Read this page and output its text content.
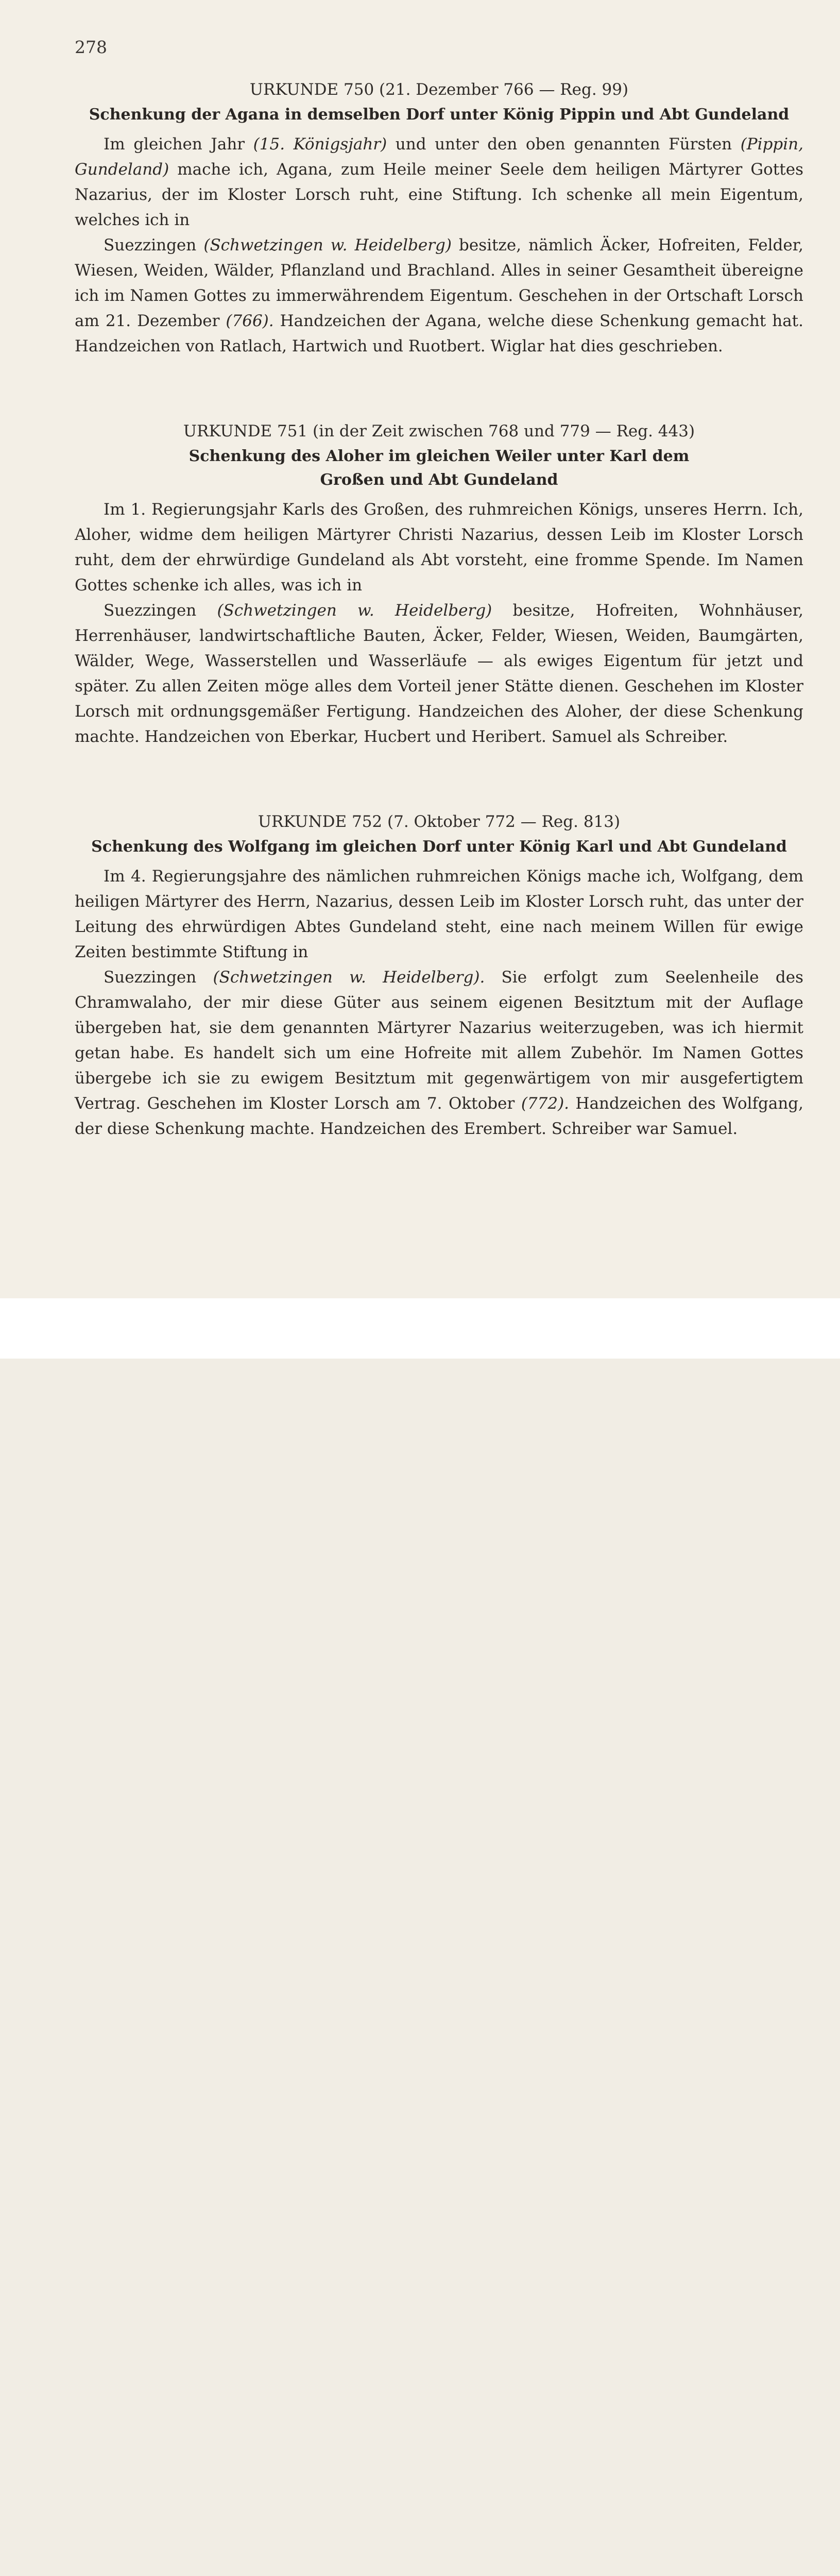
278
URKUNDE 750 (21. Dezember 766 — Reg. 99)
Schenkung der Agana in demselben Dorf unter König Pippin und Abt Gundeland

Im gleichen Jahr (15. Königsjahr) und unter den oben genannten Fürsten (Pippin, Gundeland) mache ich, Agana, zum Heile meiner Seele dem heiligen Märtyrer Gottes Nazarius, der im Kloster Lorsch ruht, eine Stiftung. Ich schenke all mein Eigentum, welches ich in

Suezzingen (Schwetzingen w. Heidelberg) besitze, nämlich Äcker, Hofreiten, Felder, Wiesen, Weiden, Wälder, Pflanzland und Brachland. Alles in seiner Gesamtheit übereigne ich im Namen Gottes zu immerwährendem Eigentum. Geschehen in der Ortschaft Lorsch am 21. Dezember (766). Handzeichen der Agana, welche diese Schenkung gemacht hat. Handzeichen von Ratlach, Hartwich und Ruotbert. Wiglar hat dies geschrieben.

URKUNDE 751 (in der Zeit zwischen 768 und 779 — Reg. 443)
Schenkung des Aloher im gleichen Weiler unter Karl dem Großen und Abt Gundeland

Im 1. Regierungsjahr Karls des Großen, des ruhmreichen Königs, unseres Herrn. Ich, Aloher, widme dem heiligen Märtyrer Christi Nazarius, dessen Leib im Kloster Lorsch ruht, dem der ehrwürdige Gundeland als Abt vorsteht, eine fromme Spende. Im Namen Gottes schenke ich alles, was ich in

Suezzingen (Schwetzingen w. Heidelberg) besitze, Hofreiten, Wohnhäuser, Herrenhäuser, landwirtschaftliche Bauten, Äcker, Felder, Wiesen, Weiden, Baumgärten, Wälder, Wege, Wasserstellen und Wasserläufe — als ewiges Eigentum für jetzt und später. Zu allen Zeiten möge alles dem Vorteil jener Stätte dienen. Geschehen im Kloster Lorsch mit ordnungsgemäßer Fertigung. Handzeichen des Aloher, der diese Schenkung machte. Handzeichen von Eberkar, Hucbert und Heribert. Samuel als Schreiber.

URKUNDE 752 (7. Oktober 772 — Reg. 813)
Schenkung des Wolfgang im gleichen Dorf unter König Karl und Abt Gundeland

Im 4. Regierungsjahre des nämlichen ruhmreichen Königs mache ich, Wolfgang, dem heiligen Märtyrer des Herrn, Nazarius, dessen Leib im Kloster Lorsch ruht, das unter der Leitung des ehrwürdigen Abtes Gundeland steht, eine nach meinem Willen für ewige Zeiten bestimmte Stiftung in

Suezzingen (Schwetzingen w. Heidelberg). Sie erfolgt zum Seelenheile des Chramwalaho, der mir diese Güter aus seinem eigenen Besitztum mit der Auflage übergeben hat, sie dem genannten Märtyrer Nazarius weiterzugeben, was ich hiermit getan habe. Es handelt sich um eine Hofreite mit allem Zubehör. Im Namen Gottes übergebe ich sie zu ewigem Besitztum mit gegenwärtigem von mir ausgefertigtem Vertrag. Geschehen im Kloster Lorsch am 7. Oktober (772). Handzeichen des Wolfgang, der diese Schenkung machte. Handzeichen des Erembert. Schreiber war Samuel.
